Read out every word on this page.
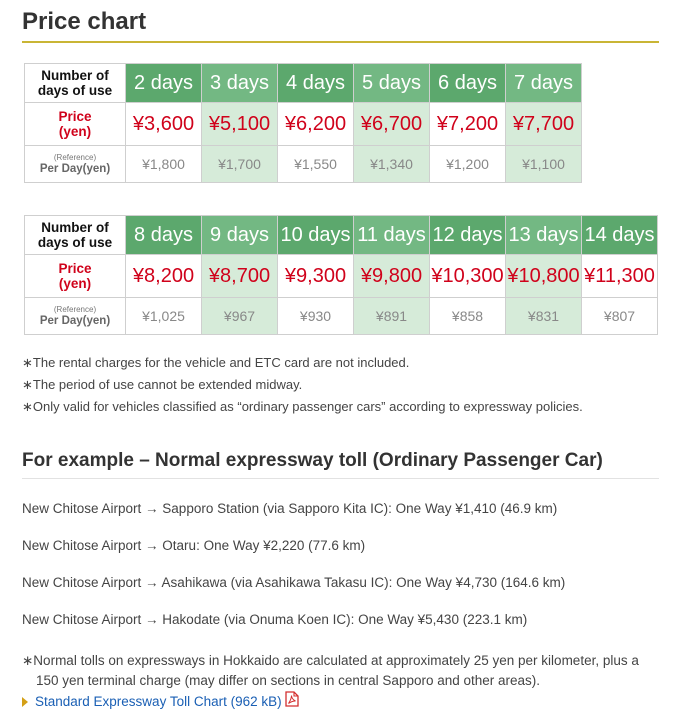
Price chart
Number of
days of use	2 days	3 days	4 days	5 days	6 days	7 days
Price
(yen)	¥3,600	¥5,100	¥6,200	¥6,700	¥7,200	¥7,700

(Reference)
Per Day(yen)	¥1,800	¥1,700	¥1,550	¥1,340	¥1,200	¥1,100
Number of
days of use	8 days	9 days	10 days	11 days	12 days	13 days	14 days
Price
(yen)	¥8,200	¥8,700	¥9,300	¥9,800	¥10,300	¥10,800	¥11,300

(Reference)
Per Day(yen)	¥1,025	¥967	¥930	¥891	¥858	¥831	¥807
∗The rental charges for the vehicle and ETC card are not included.
∗The period of use cannot be extended midway.
∗Only valid for vehicles classified as “ordinary passenger cars” according to expressway policies.
For example – Normal expressway toll (Ordinary Passenger Car)
New Chitose Airport → Sapporo Station (via Sapporo Kita IC): One Way ¥1,410 (46.9 km)
New Chitose Airport → Otaru: One Way ¥2,220 (77.6 km)
New Chitose Airport → Asahikawa (via Asahikawa Takasu IC): One Way ¥4,730 (164.6 km)
New Chitose Airport → Hakodate (via Onuma Koen IC): One Way ¥5,430 (223.1 km)
∗Normal tolls on expressways in Hokkaido are calculated at approximately 25 yen per kilometer, plus a
150 yen terminal charge (may differ on sections in central Sapporo and other areas).
Standard Expressway Toll Chart (962 kB)
